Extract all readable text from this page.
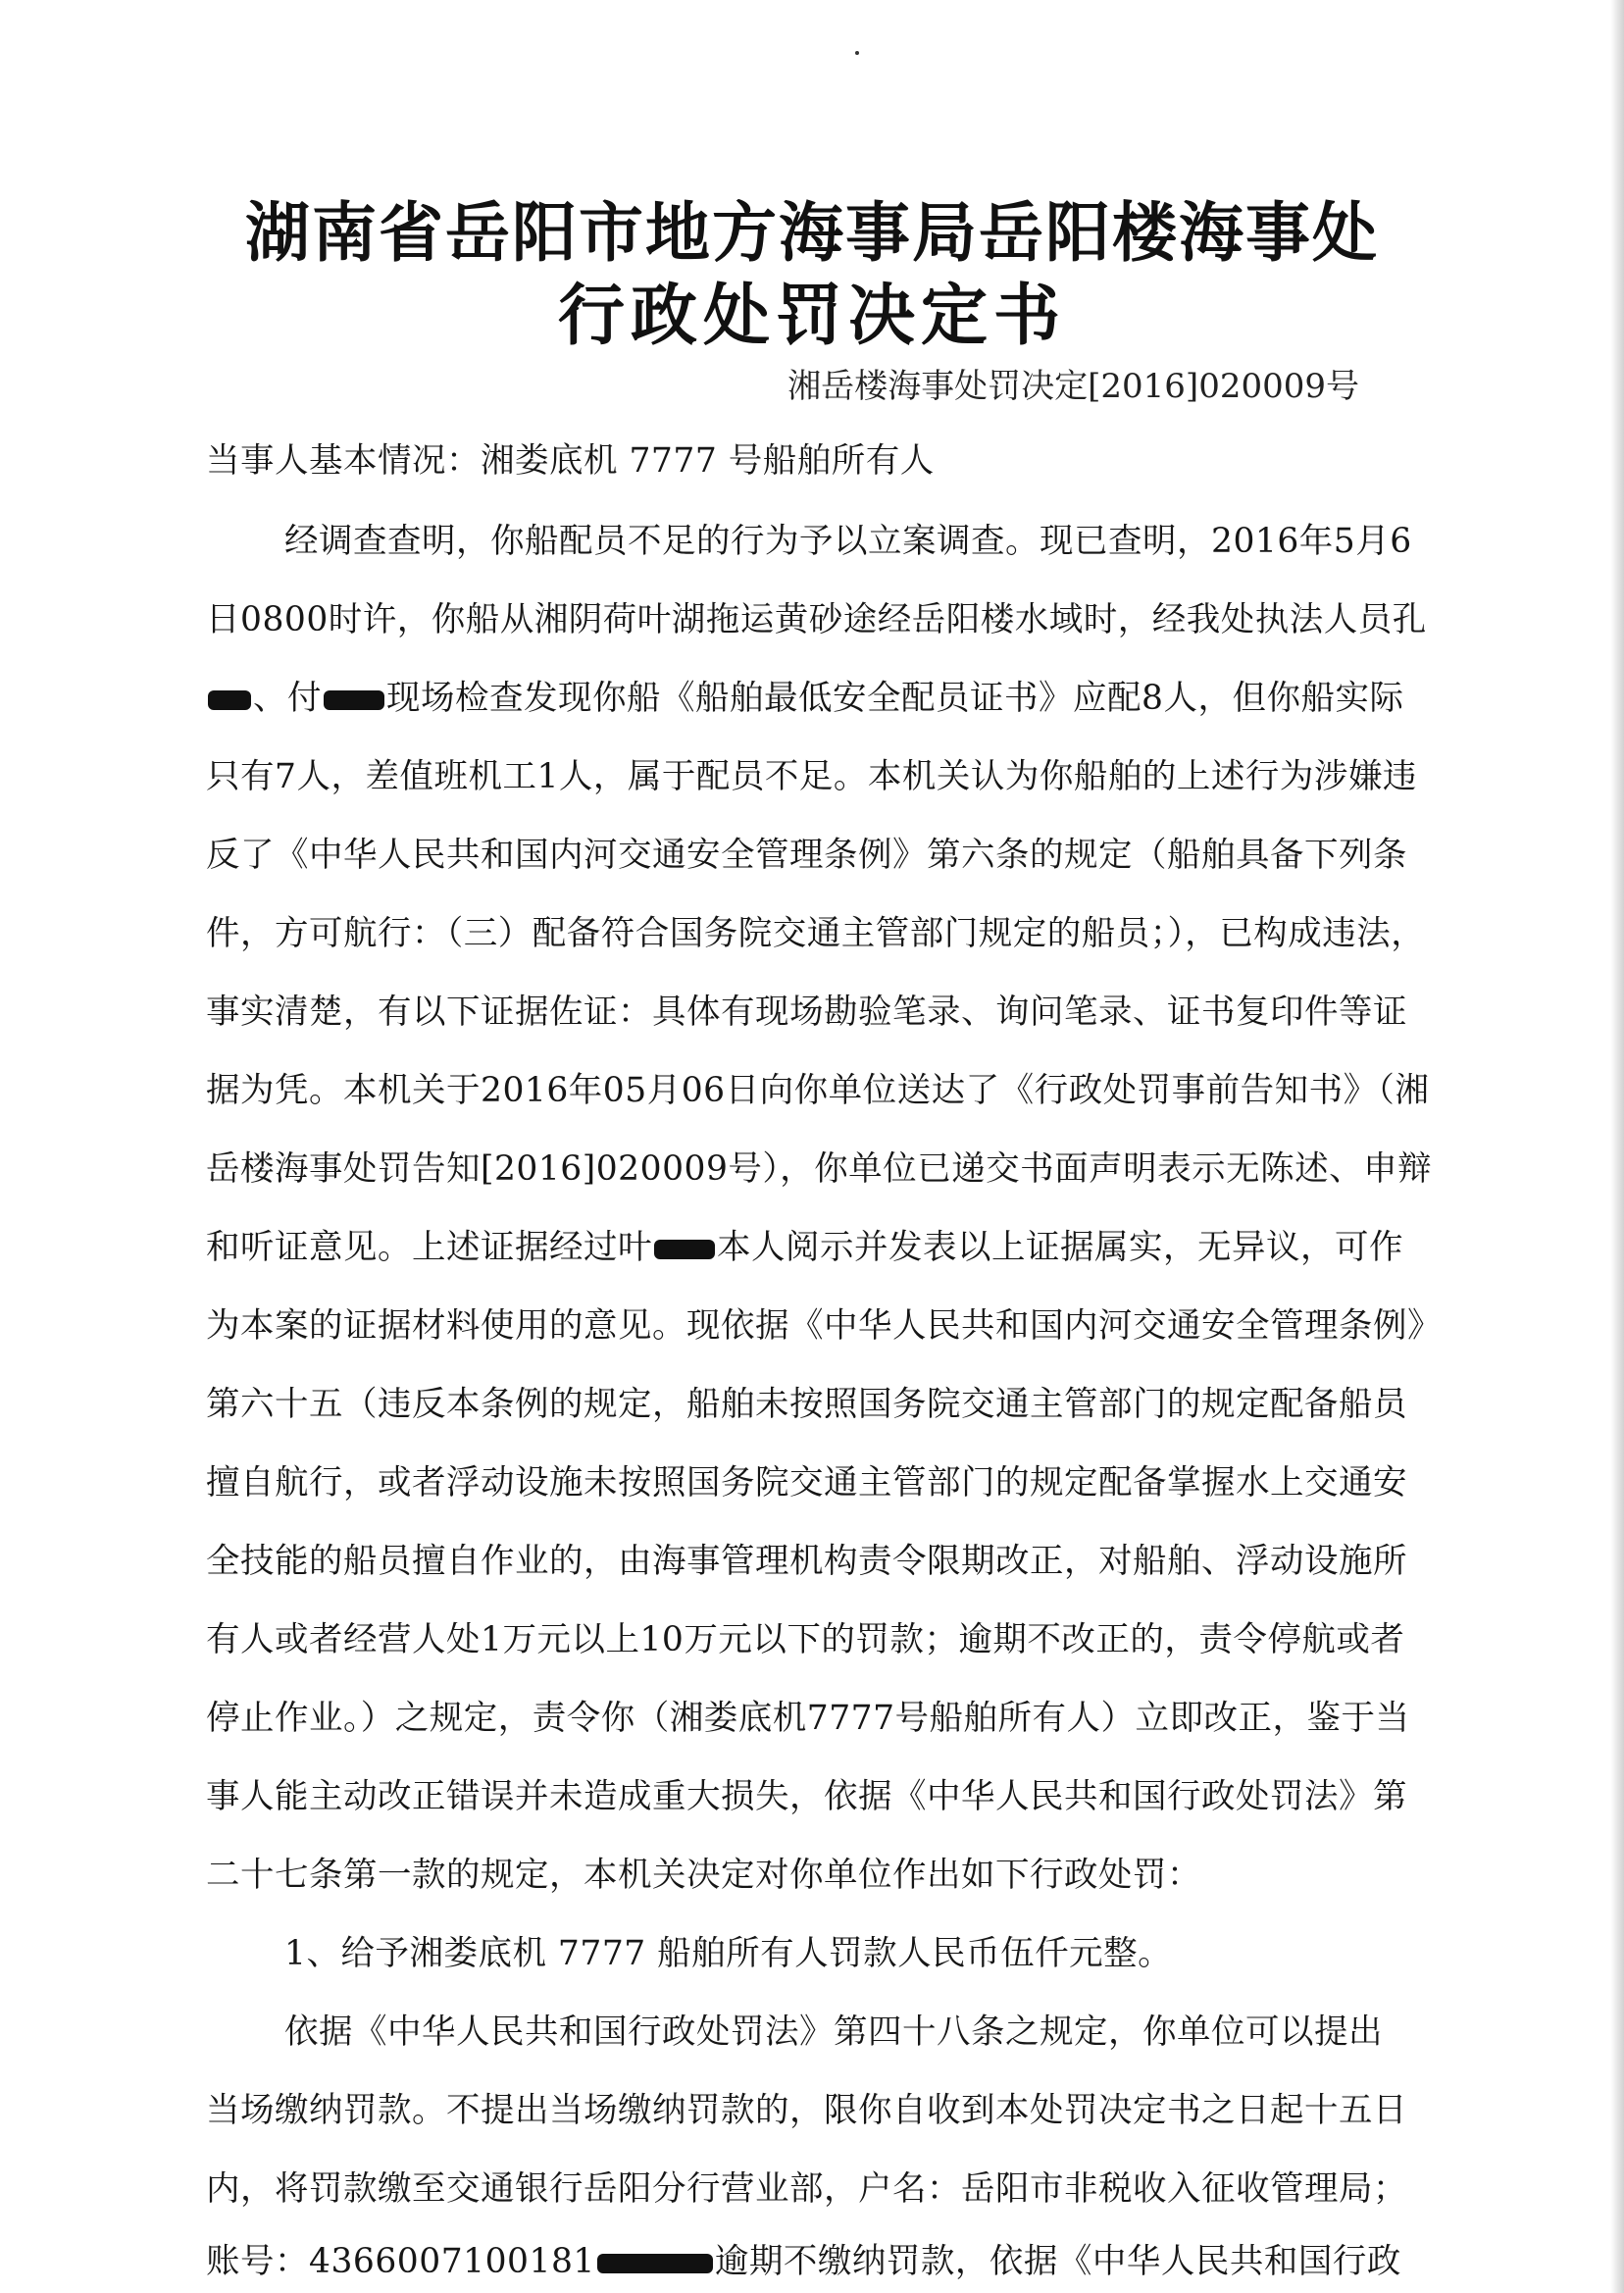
湖南省岳阳市地方海事局岳阳楼海事处
行政处罚决定书
湘岳楼海事处罚决定[2016]020009号
当事人基本情况：湘娄底机 7777 号船舶所有人
经调查查明，你船配员不足的行为予以立案调查。现已查明，2016年5月6
日0800时许，你船从湘阴荷叶湖拖运黄砂途经岳阳楼水域时，经我处执法人员孔
、付 现场检查发现你船《船舶最低安全配员证书》应配8人，但你船实际
只有7人，差值班机工1人，属于配员不足。本机关认为你船舶的上述行为涉嫌违
反了《中华人民共和国内河交通安全管理条例》第六条的规定（船舶具备下列条
件，方可航行：（三）配备符合国务院交通主管部门规定的船员；），已构成违法，
事实清楚，有以下证据佐证：具体有现场勘验笔录、询问笔录、证书复印件等证
据为凭。本机关于2016年05月06日向你单位送达了《行政处罚事前告知书》（湘
岳楼海事处罚告知[2016]020009号），你单位已递交书面声明表示无陈述、申辩
和听证意见。上述证据经过叶 本人阅示并发表以上证据属实，无异议，可作
为本案的证据材料使用的意见。现依据《中华人民共和国内河交通安全管理条例》
第六十五（违反本条例的规定，船舶未按照国务院交通主管部门的规定配备船员
擅自航行，或者浮动设施未按照国务院交通主管部门的规定配备掌握水上交通安
全技能的船员擅自作业的，由海事管理机构责令限期改正，对船舶、浮动设施所
有人或者经营人处1万元以上10万元以下的罚款；逾期不改正的，责令停航或者
停止作业。）之规定，责令你（湘娄底机7777号船舶所有人）立即改正，鉴于当
事人能主动改正错误并未造成重大损失，依据《中华人民共和国行政处罚法》第
二十七条第一款的规定，本机关决定对你单位作出如下行政处罚：
1、给予湘娄底机 7777 船舶所有人罚款人民币伍仟元整。
依据《中华人民共和国行政处罚法》第四十八条之规定，你单位可以提出
当场缴纳罚款。不提出当场缴纳罚款的，限你自收到本处罚决定书之日起十五日
内，将罚款缴至交通银行岳阳分行营业部，户名：岳阳市非税收入征收管理局；
账号：4366007100181	逾期不缴纳罚款，依据《中华人民共和国行政
